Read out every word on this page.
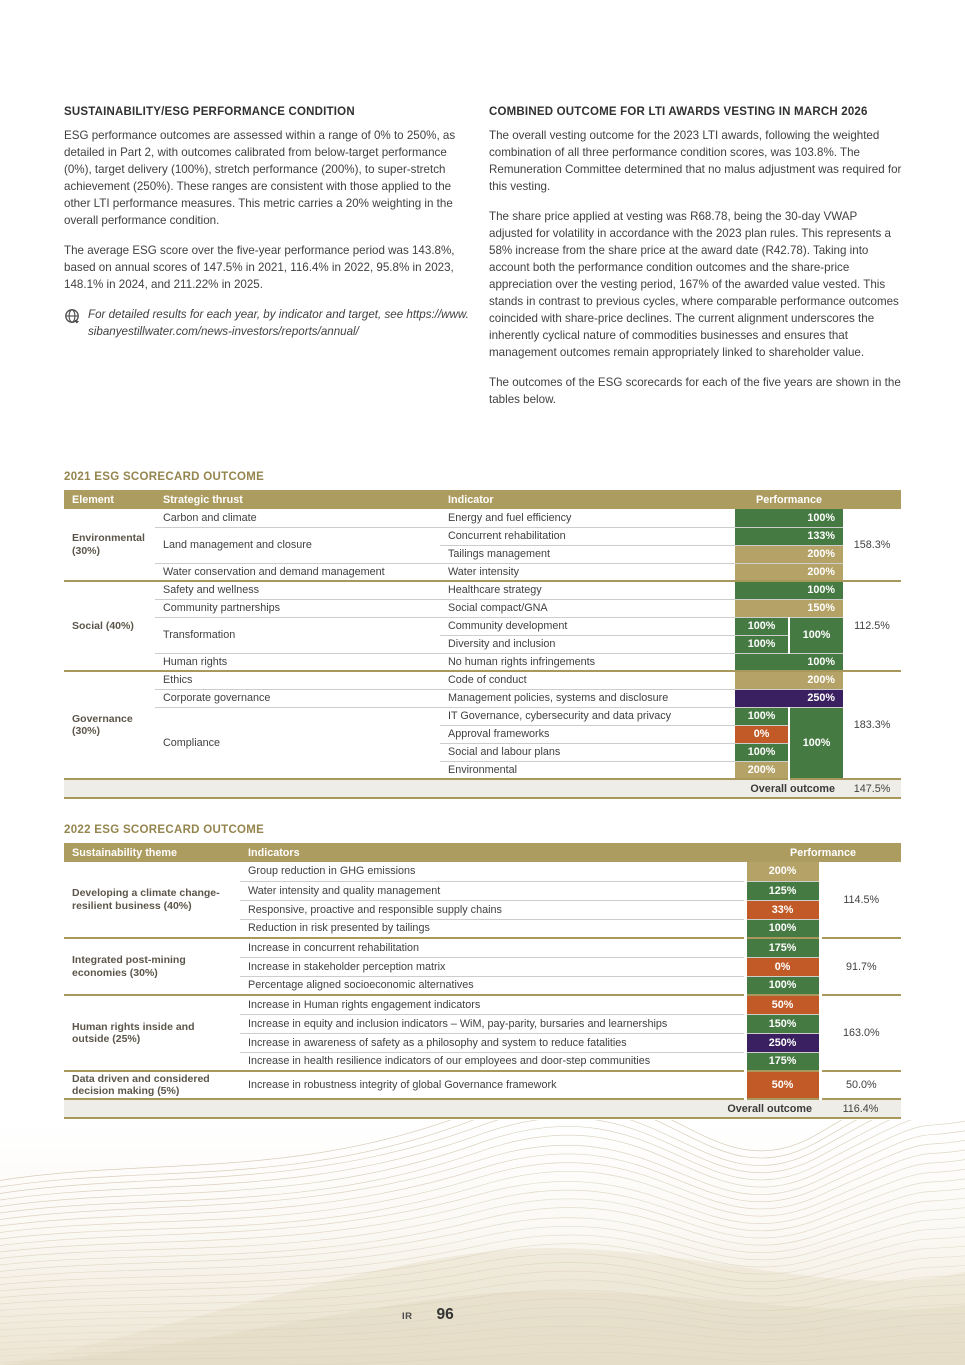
SUSTAINABILITY/ESG PERFORMANCE CONDITION

ESG performance outcomes are assessed within a range of 0% to 250%, as detailed in Part 2, with outcomes calibrated from below-target performance (0%), target delivery (100%), stretch performance (200%), to super-stretch achievement (250%). These ranges are consistent with those applied to the other LTI performance measures. This metric carries a 20% weighting in the overall performance condition.

The average ESG score over the five-year performance period was 143.8%, based on annual scores of 147.5% in 2021, 116.4% in 2022, 95.8% in 2023, 148.1% in 2024, and 211.22% in 2025.

For detailed results for each year, by indicator and target, see https://www.sibanyestillwater.com/news-investors/reports/annual/
COMBINED OUTCOME FOR LTI AWARDS VESTING IN MARCH 2026

The overall vesting outcome for the 2023 LTI awards, following the weighted combination of all three performance condition scores, was 103.8%. The Remuneration Committee determined that no malus adjustment was required for this vesting.

The share price applied at vesting was R68.78, being the 30-day VWAP adjusted for volatility in accordance with the 2023 plan rules. This represents a 58% increase from the share price at the award date (R42.78). Taking into account both the performance condition outcomes and the share-price appreciation over the vesting period, 167% of the awarded value vested. This stands in contrast to previous cycles, where comparable performance outcomes coincided with share-price declines. The current alignment underscores the inherently cyclical nature of commodities businesses and ensures that management outcomes remain appropriately linked to shareholder value.

The outcomes of the ESG scorecards for each of the five years are shown in the tables below.

2021 ESG SCORECARD OUTCOME
Element	Strategic thrust	Indicator	Performance		
Environmental (30%)	Carbon and climate	Energy and fuel efficiency	100%		158.3%
	Land management and closure	Concurrent rehabilitation	133%		
		Tailings management	200%		
	Water conservation and demand management	Water intensity	200%		
Social (40%)	Safety and wellness	Healthcare strategy	100%		112.5%
	Community partnerships	Social compact/GNA	150%		
	Transformation	Community development	100%	100%	
		Diversity and inclusion	100%		
	Human rights	No human rights infringements	100%		
Governance (30%)	Ethics	Code of conduct	200%		183.3%
	Corporate governance	Management policies, systems and disclosure	250%		
	Compliance	IT Governance, cybersecurity and data privacy	100%	100%	
		Approval frameworks	0%		
		Social and labour plans	100%		
		Environmental	200%		
Overall outcome					147.5%
2022 ESG SCORECARD OUTCOME
Sustainability theme	Indicators	Performance	
Developing a climate change-resilient business (40%)	Group reduction in GHG emissions	200%	114.5%
	Water intensity and quality management	125%	
	Responsive, proactive and responsible supply chains	33%	
	Reduction in risk presented by tailings	100%	
Integrated post-mining economies (30%)	Increase in concurrent rehabilitation	175%	91.7%
	Increase in stakeholder perception matrix	0%	
	Percentage aligned socioeconomic alternatives	100%	
Human rights inside and outside (25%)	Increase in Human rights engagement indicators	50%	163.0%
	Increase in equity and inclusion indicators – WiM, pay-parity, bursaries and learnerships	150%	
	Increase in awareness of safety as a philosophy and system to reduce fatalities	250%	
	Increase in health resilience indicators of our employees and door-step communities	175%	
Data driven and considered decision making (5%)	Increase in robustness integrity of global Governance framework	50%	50.0%
Overall outcome			116.4%
IR 96
